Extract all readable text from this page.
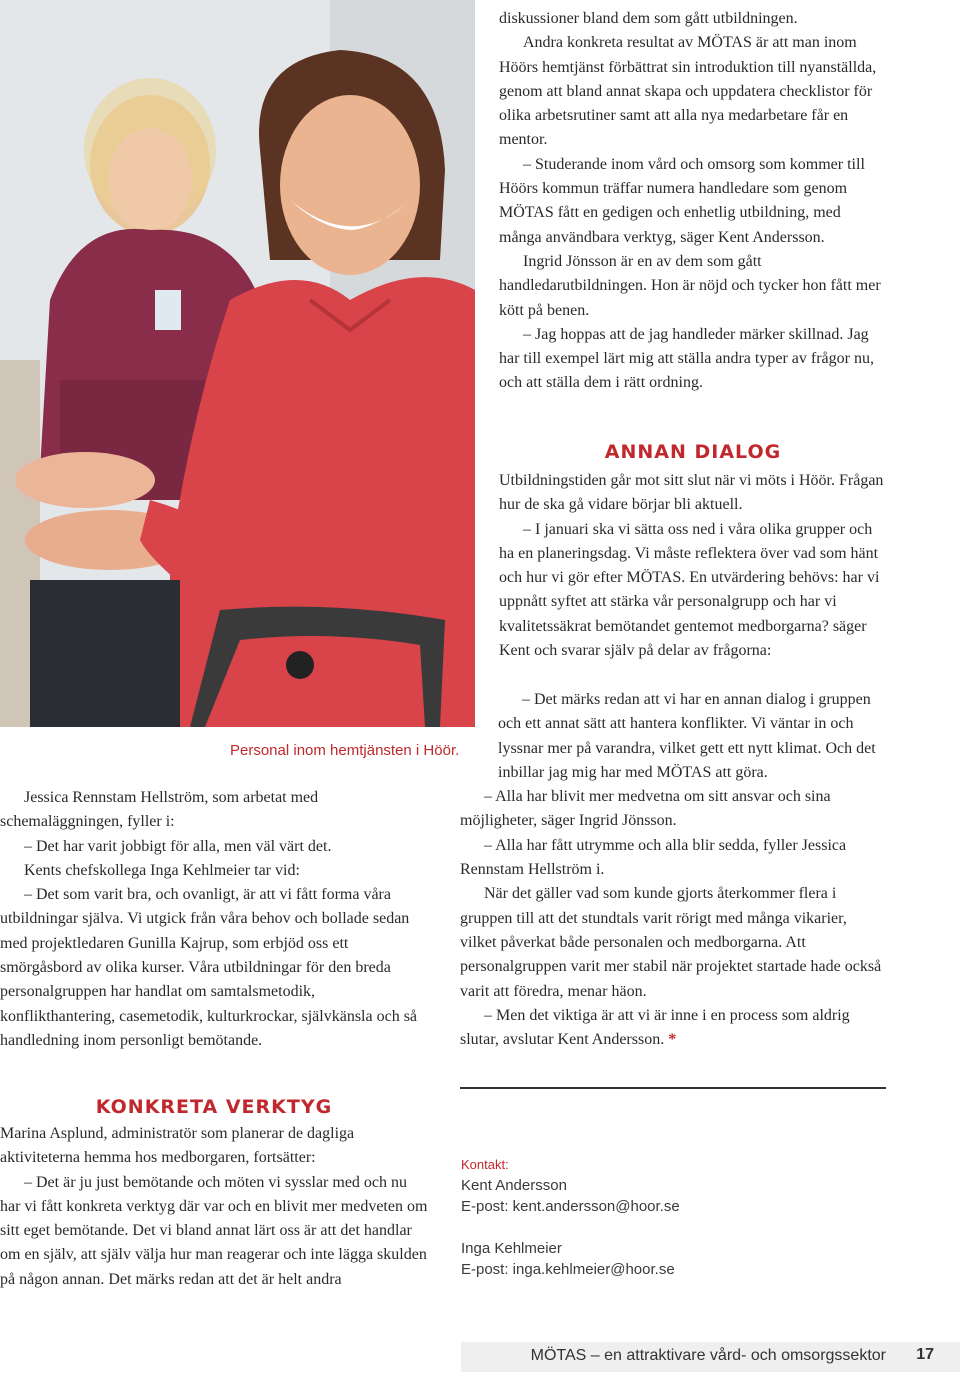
Personal inom hemtjänsten i Höör.

diskussioner bland dem som gått utbildningen.

Andra konkreta resultat av MÖTAS är att man inom Höörs hemtjänst förbättrat sin introduktion till nyanställda, genom att bland annat skapa och uppdatera checklistor för olika arbetsrutiner samt att alla nya medarbetare får en mentor.

– Studerande inom vård och omsorg som kommer till Höörs kommun träffar numera handledare som genom MÖTAS fått en gedigen och enhetlig utbildning, med många användbara verktyg, säger Kent Andersson.

Ingrid Jönsson är en av dem som gått handledarutbildningen. Hon är nöjd och tycker hon fått mer kött på benen.

– Jag hoppas att de jag handleder märker skillnad. Jag har till exempel lärt mig att ställa andra typer av frågor nu, och att ställa dem i rätt ordning.

ANNAN DIALOG

Utbildningstiden går mot sitt slut när vi möts i Höör. Frågan hur de ska gå vidare börjar bli aktuell.

– I januari ska vi sätta oss ned i våra olika grupper och ha en planeringsdag. Vi måste reflektera över vad som hänt och hur vi gör efter MÖTAS. En utvärdering behövs: har vi uppnått syftet att stärka vår personalgrupp och har vi kvalitetssäkrat bemötandet gentemot medborgarna? säger Kent och svarar själv på delar av frågorna:

– Det märks redan att vi har en annan dialog i gruppen och ett annat sätt att hantera konflikter. Vi väntar in och lyssnar mer på varandra, vilket gett ett nytt klimat. Och det inbillar jag mig har med MÖTAS att göra.

– Alla har blivit mer medvetna om sitt ansvar och sina möjligheter, säger Ingrid Jönsson.

– Alla har fått utrymme och alla blir sedda, fyller Jessica Rennstam Hellström i.

När det gäller vad som kunde gjorts återkommer flera i gruppen till att det stundtals varit rörigt med många vikarier, vilket påverkat både personalen och medborgarna. Att personalgruppen varit mer stabil när projektet startade hade också varit att föredra, menar häon.

– Men det viktiga är att vi är inne i en process som aldrig slutar, avslutar Kent Andersson. *

Jessica Rennstam Hellström, som arbetat med schemaläggningen, fyller i:

– Det har varit jobbigt för alla, men väl värt det.

Kents chefskollega Inga Kehlmeier tar vid:

– Det som varit bra, och ovanligt, är att vi fått forma våra utbildningar själva. Vi utgick från våra behov och bollade sedan med projektledaren Gunilla Kajrup, som erbjöd oss ett smörgåsbord av olika kurser. Våra utbildningar för den breda personalgruppen har handlat om samtalsmetodik, konflikthantering, casemetodik, kulturkrockar, självkänsla och så handledning inom personligt bemötande.

KONKRETA VERKTYG

Marina Asplund, administratör som planerar de dagliga aktiviteterna hemma hos medborgaren, fortsätter:

– Det är ju just bemötande och möten vi sysslar med och nu har vi fått konkreta verktyg där var och en blivit mer medveten om sitt eget bemötande. Det vi bland annat lärt oss är att det handlar om en själv, att själv välja hur man reagerar och inte lägga skulden på någon annan. Det märks redan att det är helt andra

Kontakt:
Kent Andersson
E-post: kent.andersson@hoor.se
Inga Kehlmeier
E-post: inga.kehlmeier@hoor.se
MÖTAS – en attraktivare vård- och omsorgssektor 17
